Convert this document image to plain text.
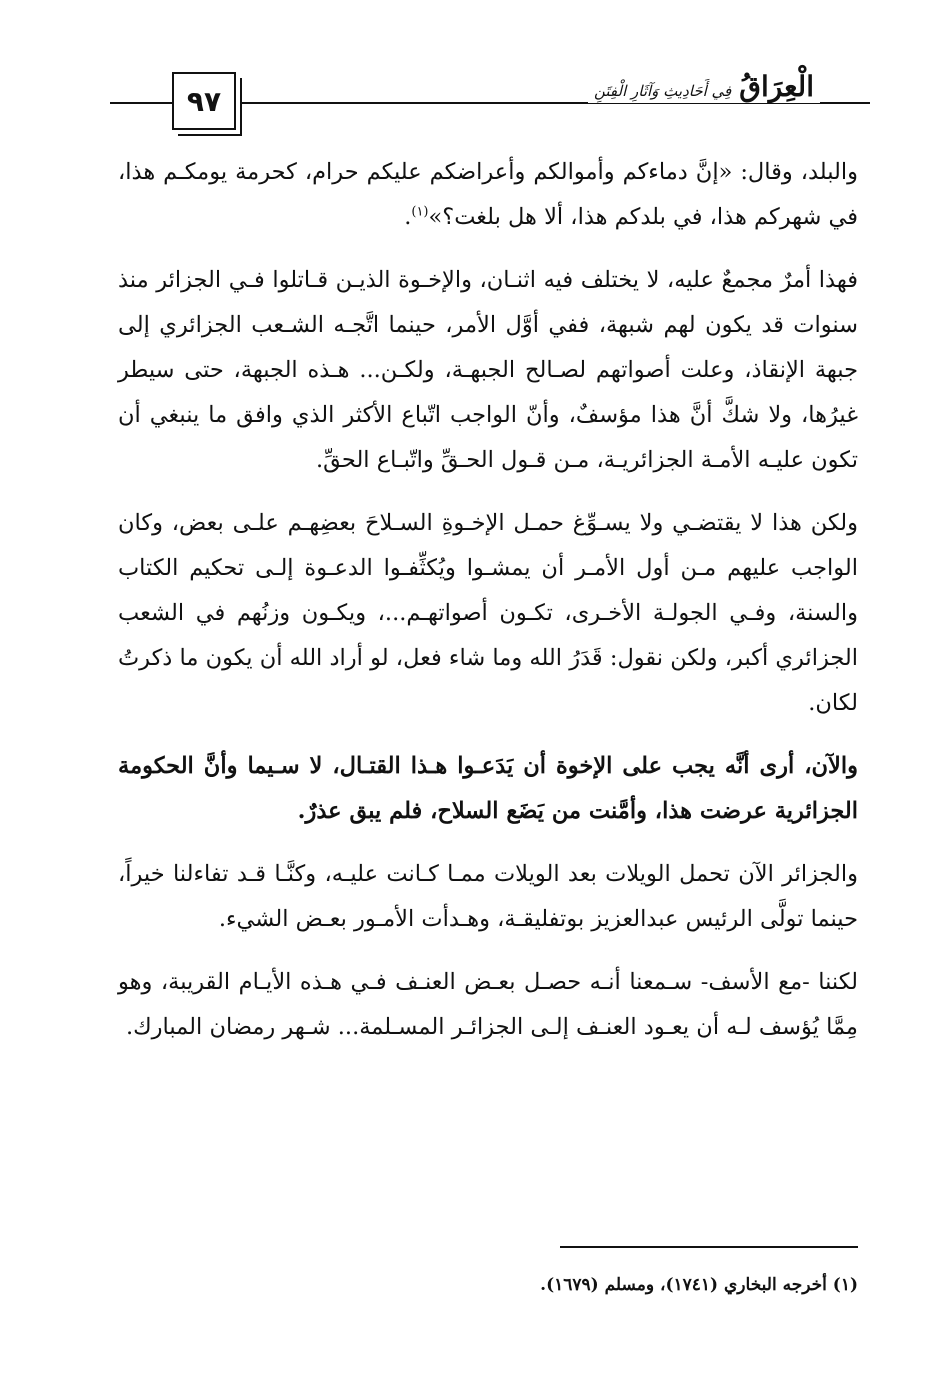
٩٧	الْعِرَاقُ
فِي أَحَادِيثِ وَآثَارِ الْفِتَنِ

والبلد، وقال: «إنَّ دماءكم وأموالكم وأعراضكم عليكم حرام، كحرمة يومكـم هذا، في شهركم هذا، في بلدكم هذا، ألا هل بلغت؟»$^{(١)}$.

فهذا أمرٌ مجمعٌ عليه، لا يختلف فيه اثنـان، والإخـوة الذيـن قـاتلوا فـي الجزائر منذ سنوات قد يكون لهم شبهة، ففي أوَّل الأمر، حينما اتَّجـه الشـعب الجزائري إلى جبهة الإنقاذ، وعلت أصواتهم لصـالح الجبهـة، ولكـن... هـذه الجبهة، حتى سيطر غيرُها، ولا شكَّ أنَّ هذا مؤسفٌ، وأنّ الواجب اتّباع الأكثر الذي وافق ما ينبغي أن تكون عليـه الأمـة الجزائريـة، مـن قـول الحـقِّ واتّبـاع الحقِّ.

ولكن هذا لا يقتضـي ولا يسـوِّغ حمـل الإخـوةِ السـلاحَ بعضِهـم علـى بعض، وكان الواجب عليهم مـن أول الأمـر أن يمشـوا ويُكثِّفـوا الدعـوة إلـى تحكيم الكتاب والسنة، وفـي الجولـة الأخـرى، تكـون أصواتهـم...، ويكـون وزنُهم في الشعب الجزائري أكبر، ولكن نقول: قَدَرُ الله وما شاء فعل، لو أراد الله أن يكون ما ذكرتُ لكان.

والآن، أرى أنَّه يجب على الإخوة أن يَدَعـوا هـذا القتـال، لا سـيما وأنَّ الحكومة الجزائرية عرضت هذا، وأمَّنت من يَضَع السلاح، فلم يبق عذرٌ.

والجزائر الآن تحمل الويلات بعد الويلات ممـا كـانت عليـه، وكنَّـا قـد تفاءلنا خيراً، حينما تولَّى الرئيس عبدالعزيز بوتفليقـة، وهـدأت الأمـور بعـض الشيء.

لكننا -مع الأسف- سـمعنا أنـه حصـل بعـض العنـف فـي هـذه الأيـام القريبة، وهو مِمَّا يُؤسف لـه أن يعـود العنـف إلـى الجزائـر المسـلمة... شـهر رمضان المبارك.

(١) أخرجه البخاري (١٧٤١)، ومسلم (١٦٧٩).
